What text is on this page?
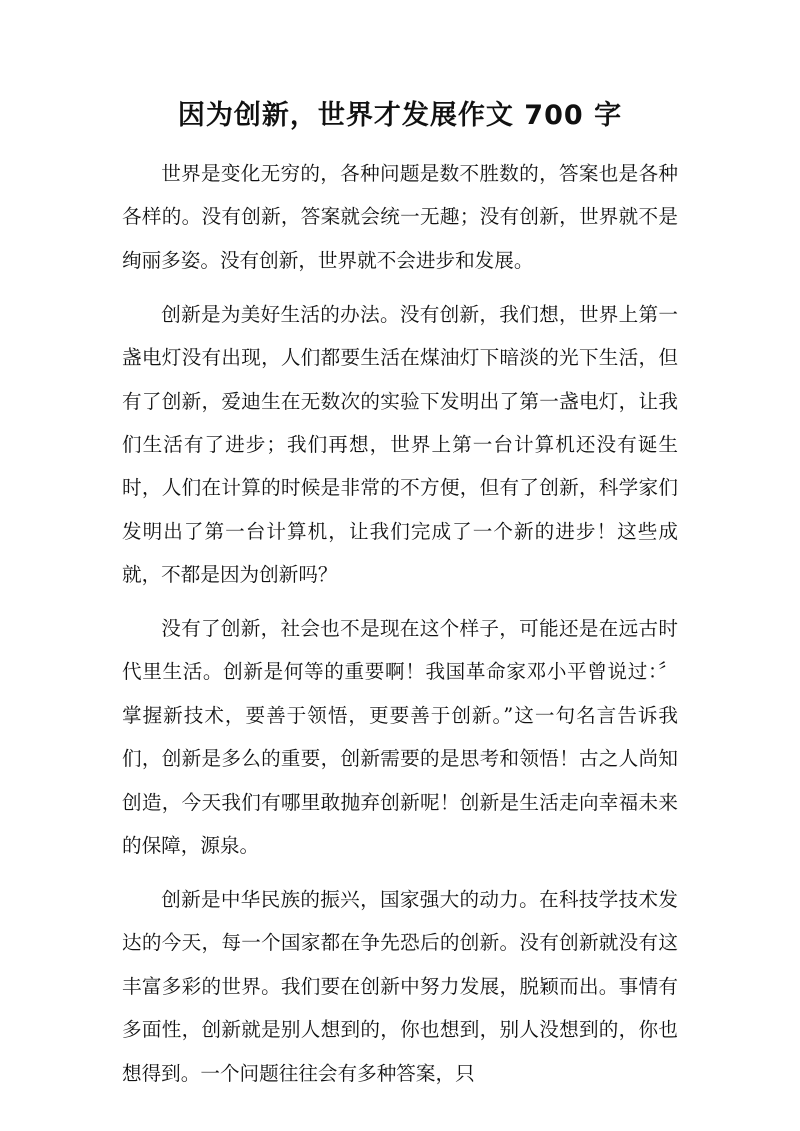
因为创新，世界才发展作文 700 字

世界是变化无穷的，各种问题是数不胜数的，答案也是各种各样的。没有创新，答案就会统一无趣；没有创新，世界就不是绚丽多姿。没有创新，世界就不会进步和发展。

创新是为美好生活的办法。没有创新，我们想，世界上第一盏电灯没有出现，人们都要生活在煤油灯下暗淡的光下生活，但有了创新，爱迪生在无数次的实验下发明出了第一盏电灯，让我们生活有了进步；我们再想，世界上第一台计算机还没有诞生时，人们在计算的时候是非常的不方便，但有了创新，科学家们发明出了第一台计算机，让我们完成了一个新的进步！这些成就，不都是因为创新吗？

没有了创新，社会也不是现在这个样子，可能还是在远古时代里生活。创新是何等的重要啊！我国革命家邓小平曾说过：〞掌握新技术，要善于领悟，更要善于创新。”这一句名言告诉我们，创新是多么的重要，创新需要的是思考和领悟！古之人尚知创造，今天我们有哪里敢抛弃创新呢！创新是生活走向幸福未来的保障，源泉。

创新是中华民族的振兴，国家强大的动力。在科技学技术发达的今天，每一个国家都在争先恐后的创新。没有创新就没有这丰富多彩的世界。我们要在创新中努力发展，脱颖而出。事情有多面性，创新就是别人想到的，你也想到，别人没想到的，你也想得到。一个问题往往会有多种答案，只
